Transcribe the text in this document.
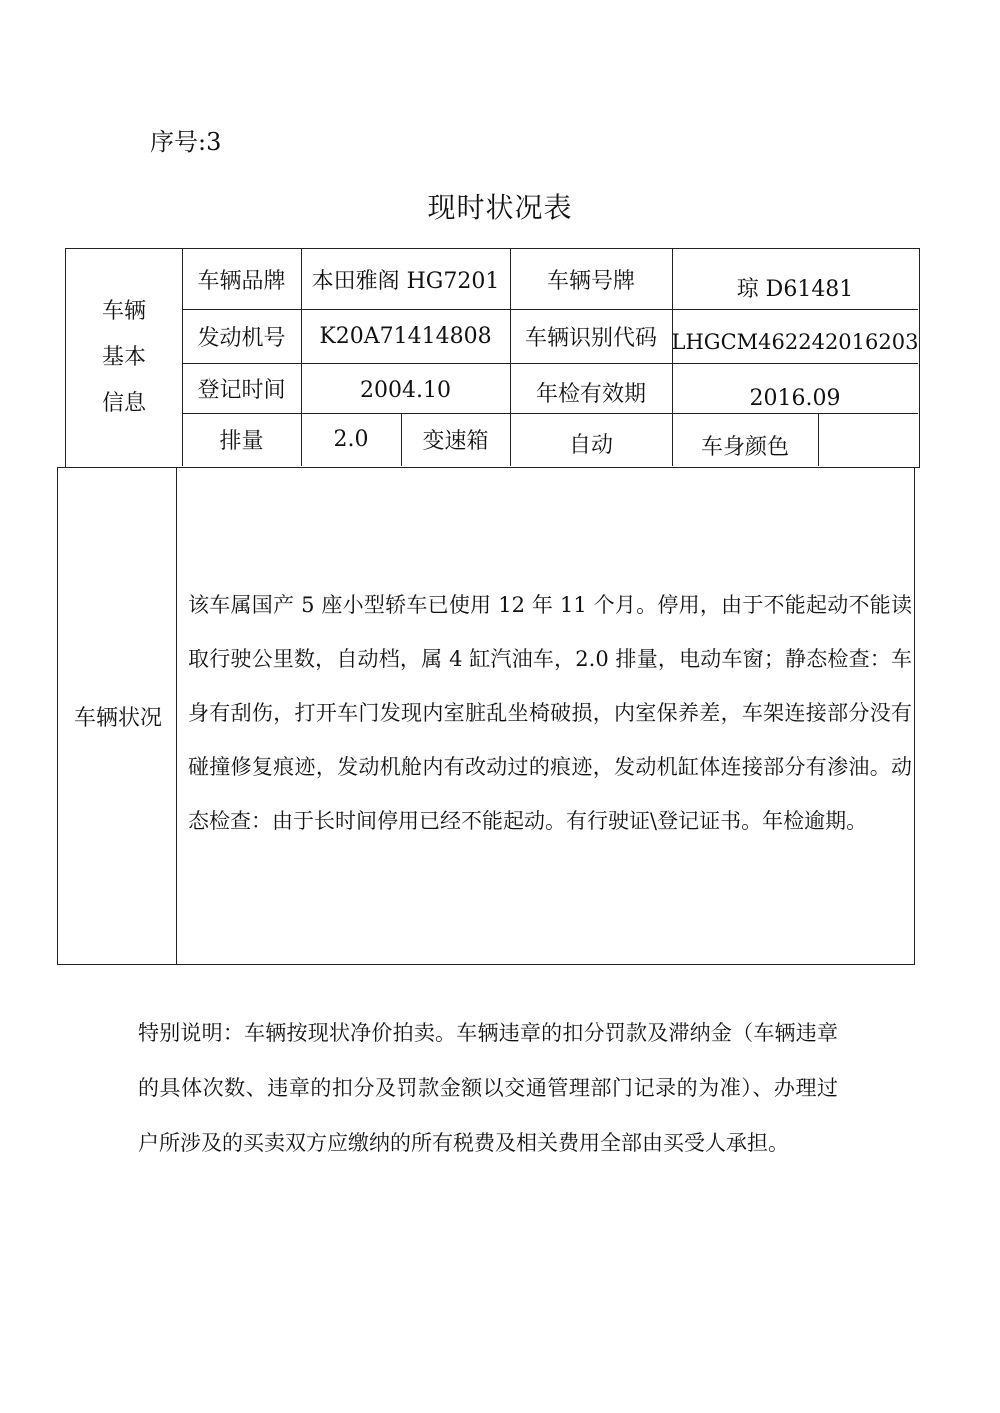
序号:3
现时状况表
车辆
基本
信息
车辆品牌	本田雅阁 HG7201	车辆号牌	琼 D61481
发动机号	K20A71414808	车辆识别代码 LHGCM462242016203
登记时间	2004.10	年检有效期	2016.09
排量	2.0	变速箱	自动	车身颜色
车辆状况
该车属国产 5 座小型轿车已使用 12 年 11 个月。停用，由于不能起动不能读取行驶公里数，自动档，属 4 缸汽油车，2.0 排量，电动车窗；静态检查：车身有刮伤，打开车门发现内室脏乱坐椅破损，内室保养差，车架连接部分没有碰撞修复痕迹，发动机舱内有改动过的痕迹，发动机缸体连接部分有渗油。动态检查：由于长时间停用已经不能起动。有行驶证\登记证书。年检逾期。
特别说明：车辆按现状净价拍卖。车辆违章的扣分罚款及滞纳金（车辆违章的具体次数、违章的扣分及罚款金额以交通管理部门记录的为准）、办理过户所涉及的买卖双方应缴纳的所有税费及相关费用全部由买受人承担。
